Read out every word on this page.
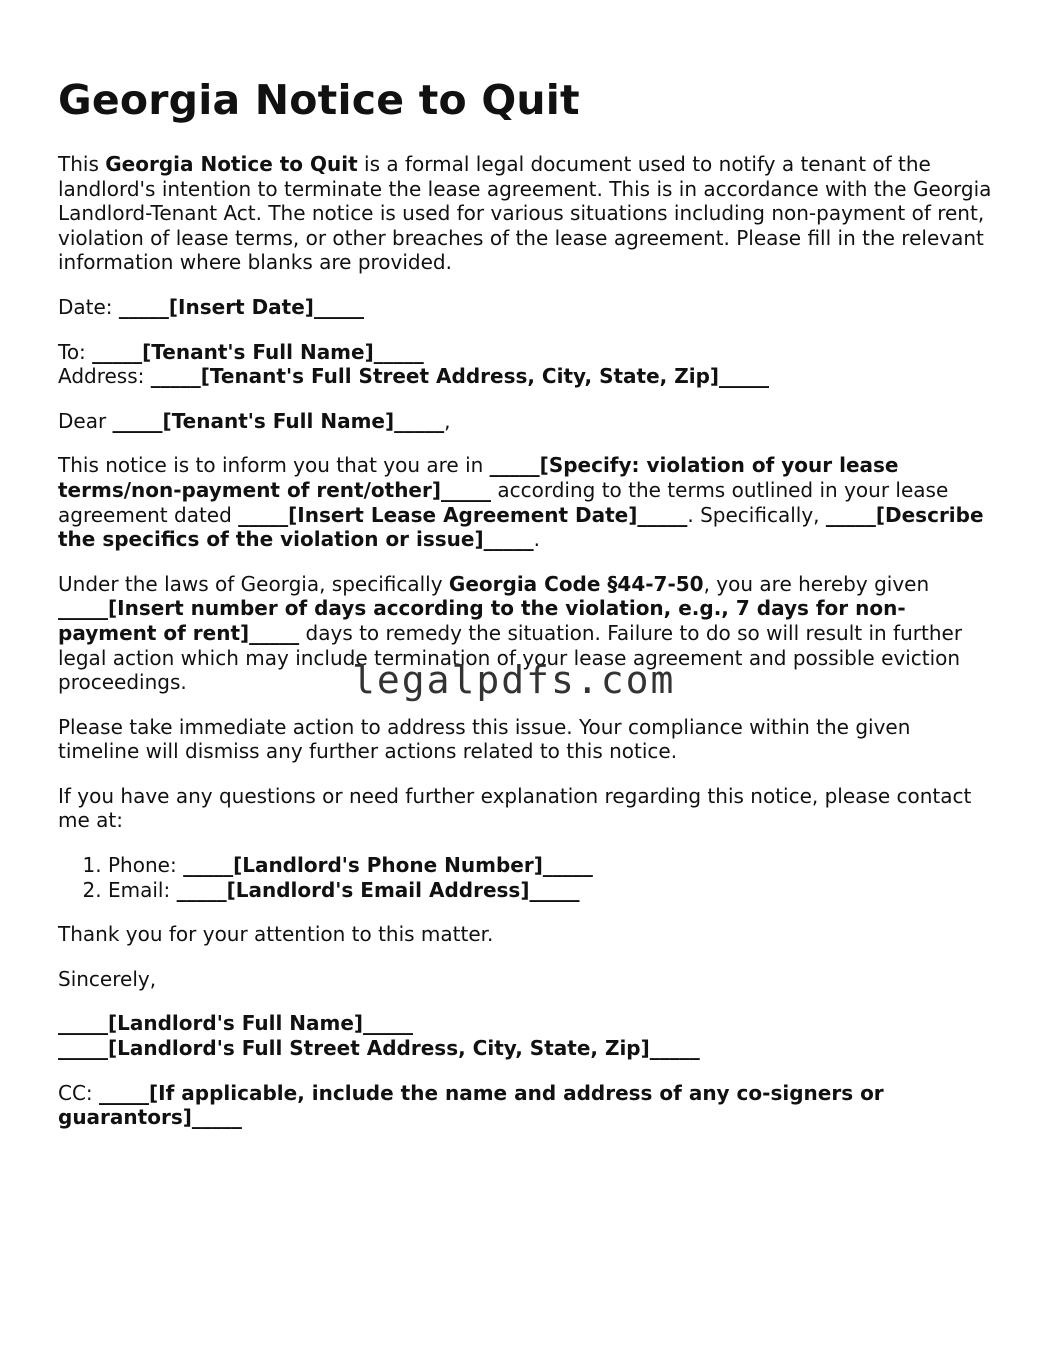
Georgia Notice to Quit

This Georgia Notice to Quit is a formal legal document used to notify a tenant of the landlord's intention to terminate the lease agreement. This is in accordance with the Georgia Landlord-Tenant Act. The notice is used for various situations including non-payment of rent, violation of lease terms, or other breaches of the lease agreement. Please fill in the relevant information where blanks are provided.

Date: _____[Insert Date]_____

To: _____[Tenant's Full Name]_____
Address: _____[Tenant's Full Street Address, City, State, Zip]_____

Dear _____[Tenant's Full Name]_____,

This notice is to inform you that you are in _____[Specify: violation of your lease terms/non-payment of rent/other]_____ according to the terms outlined in your lease agreement dated _____[Insert Lease Agreement Date]_____. Specifically, _____[Describe the specifics of the violation or issue]_____.

Under the laws of Georgia, specifically Georgia Code §44-7-50, you are hereby given _____[Insert number of days according to the violation, e.g., 7 days for non-payment of rent]_____ days to remedy the situation. Failure to do so will result in further legal action which may include termination of your lease agreement and possible eviction proceedings.

Please take immediate action to address this issue. Your compliance within the given timeline will dismiss any further actions related to this notice.

If you have any questions or need further explanation regarding this notice, please contact me at:

1. Phone: _____[Landlord's Phone Number]_____
2. Email: _____[Landlord's Email Address]_____

Thank you for your attention to this matter.

Sincerely,

_____[Landlord's Full Name]_____
_____[Landlord's Full Street Address, City, State, Zip]_____

CC: _____[If applicable, include the name and address of any co-signers or guarantors]_____

legalpdfs.com
